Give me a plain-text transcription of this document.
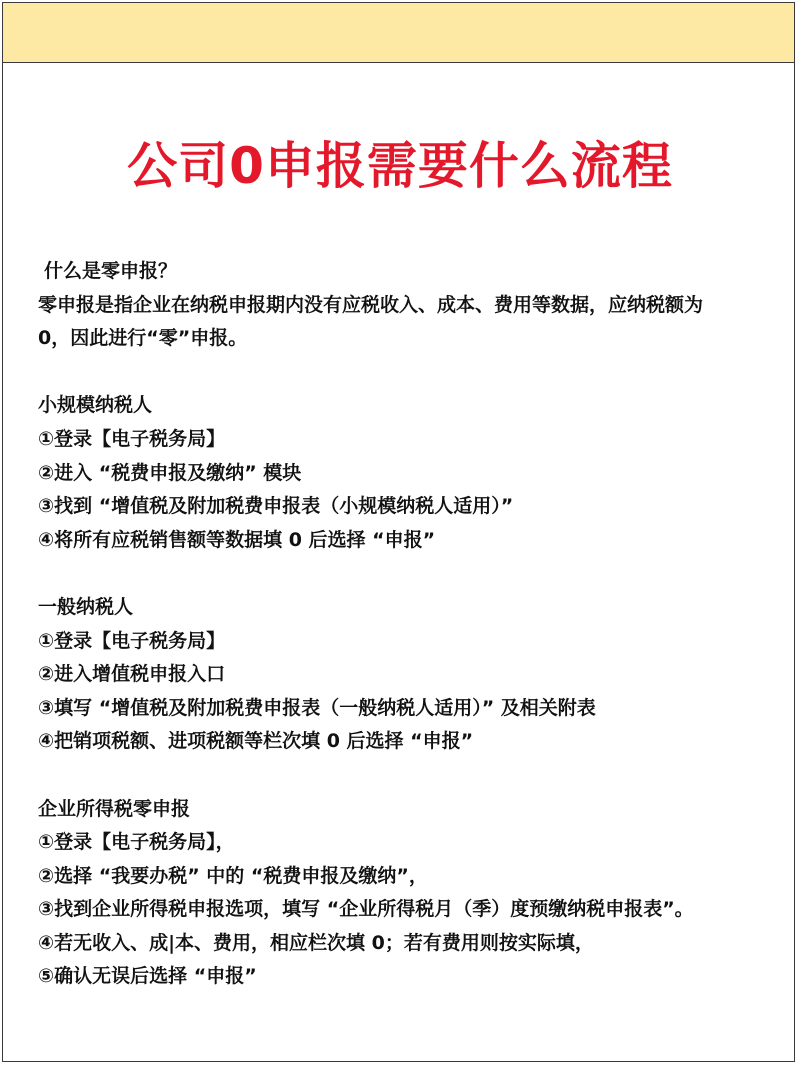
公司0申报需要什么流程
什么是零申报？
零申报是指企业在纳税申报期内没有应税收入、成本、费用等数据，应纳税额为
0，因此进行“零”申报。
小规模纳税人
①登录【电子税务局】
②进入 “税费申报及缴纳” 模块
③找到 “增值税及附加税费申报表（小规模纳税人适用）”
④将所有应税销售额等数据填 0 后选择 “申报”
一般纳税人
①登录【电子税务局】
②进入增值税申报入口
③填写 “增值税及附加税费申报表（一般纳税人适用）” 及相关附表
④把销项税额、进项税额等栏次填 0 后选择 “申报”
企业所得税零申报
①登录【电子税务局】，
②选择 “我要办税” 中的 “税费申报及缴纳”，
③找到企业所得税申报选项，填写 “企业所得税月（季）度预缴纳税申报表”。
④若无收入、成|本、费用，相应栏次填 0；若有费用则按实际填，
⑤确认无误后选择 “申报”
